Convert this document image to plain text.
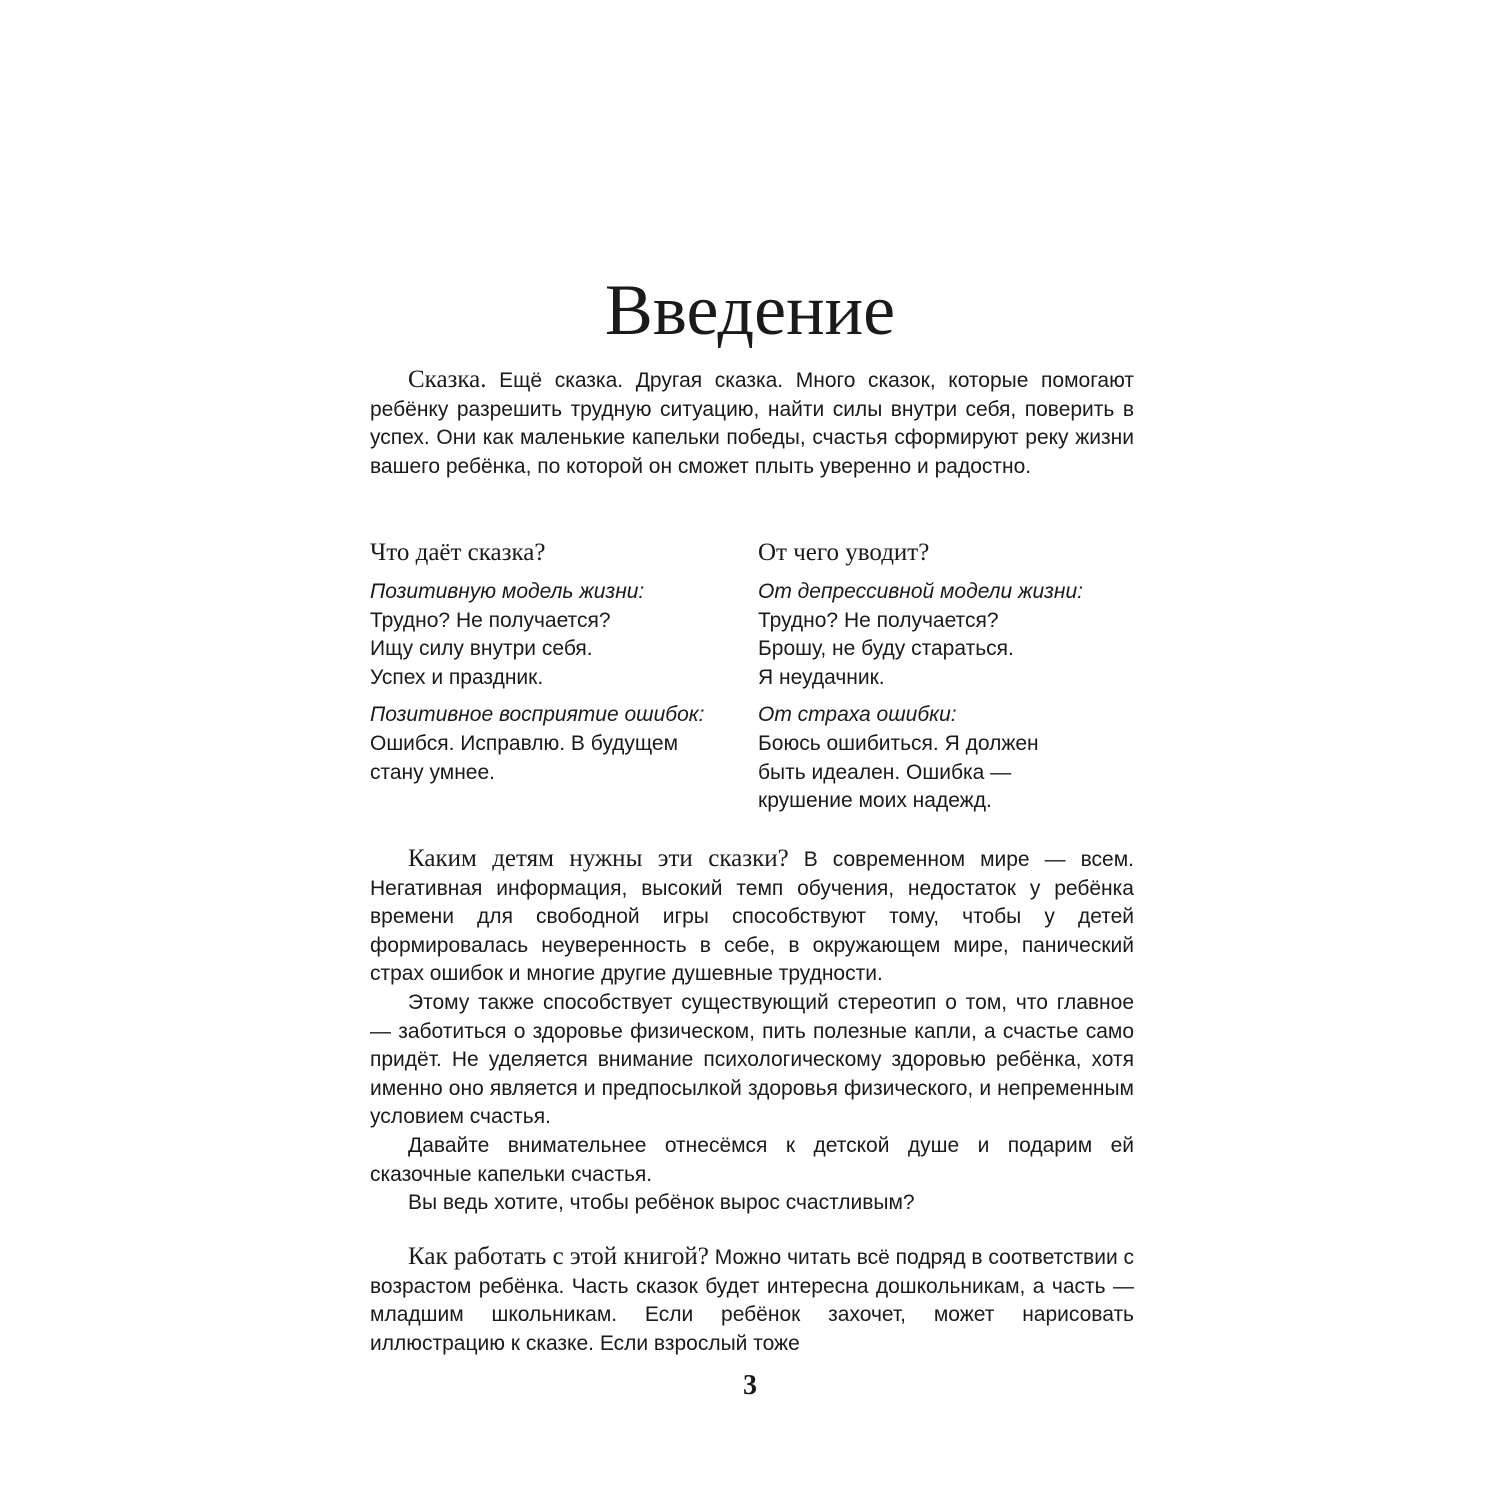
Введение

Сказка. Ещё сказка. Другая сказка. Много сказок, которые помогают ребёнку разрешить трудную ситуацию, найти силы внутри себя, поверить в успех. Они как маленькие капельки победы, счастья сформируют реку жизни вашего ребёнка, по которой он сможет плыть уверенно и радостно.

Что даёт сказка?
Позитивную модель жизни:
Трудно? Не получается?
Ищу силу внутри себя.
Успех и праздник.
Позитивное восприятие ошибок:
Ошибся. Исправлю. В будущем
стану умнее.
От чего уводит?
От депрессивной модели жизни:
Трудно? Не получается?
Брошу, не буду стараться.
Я неудачник.
От страха ошибки:
Боюсь ошибиться. Я должен
быть идеален. Ошибка —
крушение моих надежд.

Каким детям нужны эти сказки? В современном мире — всем. Негативная информация, высокий темп обучения, недостаток у ребёнка времени для свободной игры способствуют тому, чтобы у детей формировалась неуверенность в себе, в окружающем мире, панический страх ошибок и многие другие душевные трудности.

Этому также способствует существующий стереотип о том, что главное — заботиться о здоровье физическом, пить полезные капли, а счастье само придёт. Не уделяется внимание психологическому здоровью ребёнка, хотя именно оно является и предпосылкой здоровья физического, и непременным условием счастья.

Давайте внимательнее отнесёмся к детской душе и подарим ей сказочные капельки счастья.

Вы ведь хотите, чтобы ребёнок вырос счастливым?

Как работать с этой книгой? Можно читать всё подряд в соответствии с возрастом ребёнка. Часть сказок будет интересна дошкольникам, а часть — младшим школьникам. Если ребёнок захочет, может нарисовать иллюстрацию к сказке. Если взрослый тоже

3
